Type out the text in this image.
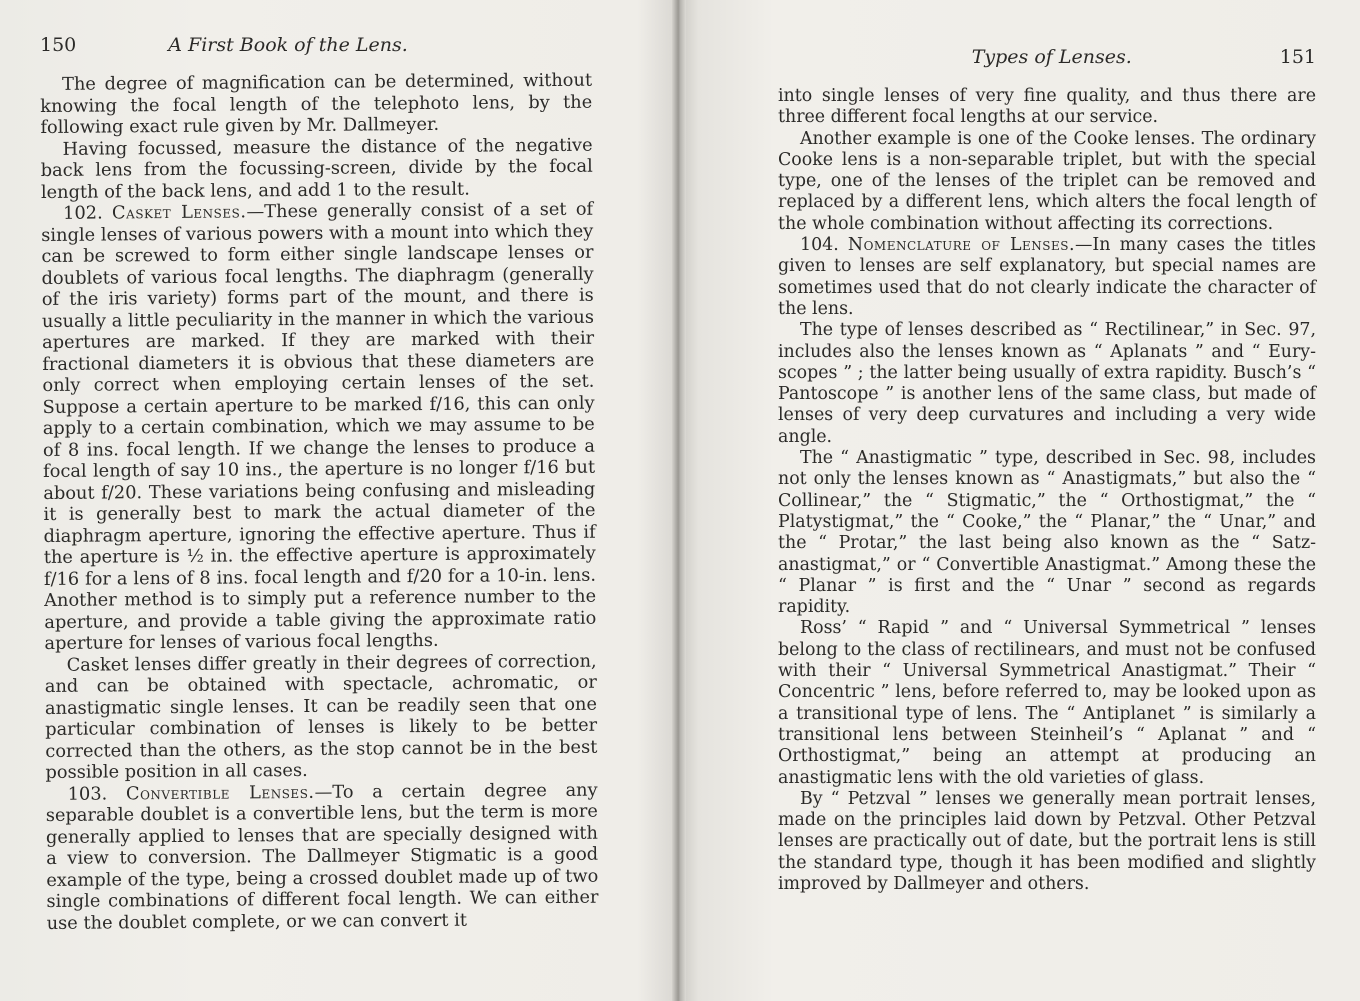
150	A First Book of the Lens.

The degree of magnification can be determined, without knowing the focal length of the telephoto lens, by the following exact rule given by Mr. Dallmeyer.

Having focussed, measure the distance of the negative back lens from the focussing-screen, divide by the focal length of the back lens, and add 1 to the result.

102. Casket Lenses.—These generally consist of a set of single lenses of various powers with a mount into which they can be screwed to form either single landscape lenses or doublets of various focal lengths. The diaphragm (generally of the iris variety) forms part of the mount, and there is usually a little peculiarity in the manner in which the various apertures are marked. If they are marked with their fractional diameters it is obvious that these diameters are only correct when employing certain lenses of the set. Suppose a certain aperture to be marked f/16, this can only apply to a certain combination, which we may assume to be of 8 ins. focal length. If we change the lenses to produce a focal length of say 10 ins., the aperture is no longer f/16 but about f/20. These variations being confusing and misleading it is generally best to mark the actual diameter of the diaphragm aperture, ignoring the effective aperture. Thus if the aperture is ½ in. the effective aperture is approximately f/16 for a lens of 8 ins. focal length and f/20 for a 10-in. lens. Another method is to simply put a reference number to the aperture, and provide a table giving the approximate ratio aperture for lenses of various focal lengths.

Casket lenses differ greatly in their degrees of correction, and can be obtained with spectacle, achromatic, or anastigmatic single lenses. It can be readily seen that one particular combination of lenses is likely to be better corrected than the others, as the stop cannot be in the best possible position in all cases.

103. Convertible Lenses.—To a certain degree any separable doublet is a convertible lens, but the term is more generally applied to lenses that are specially designed with a view to conversion. The Dallmeyer Stigmatic is a good example of the type, being a crossed doublet made up of two single combinations of different focal length. We can either use the doublet complete, or we can convert it

Types of Lenses.	151

into single lenses of very fine quality, and thus there are three different focal lengths at our service.

Another example is one of the Cooke lenses. The ordinary Cooke lens is a non-separable triplet, but with the special type, one of the lenses of the triplet can be removed and replaced by a different lens, which alters the focal length of the whole combination without affecting its corrections.

104. Nomenclature of Lenses.—In many cases the titles given to lenses are self explanatory, but special names are sometimes used that do not clearly indicate the character of the lens.

The type of lenses described as “ Rectilinear,” in Sec. 97, includes also the lenses known as “ Aplanats ” and “ Eury-scopes ” ; the latter being usually of extra rapidity. Busch’s “ Pantoscope ” is another lens of the same class, but made of lenses of very deep curvatures and including a very wide angle.

The “ Anastigmatic ” type, described in Sec. 98, includes not only the lenses known as “ Anastigmats,” but also the “ Collinear,” the “ Stigmatic,” the “ Orthostigmat,” the “ Platystigmat,” the “ Cooke,” the “ Planar,” the “ Unar,” and the “ Protar,” the last being also known as the “ Satz-anastigmat,” or “ Convertible Anastigmat.” Among these the “ Planar ” is first and the “ Unar ” second as regards rapidity.

Ross’ “ Rapid ” and “ Universal Symmetrical ” lenses belong to the class of rectilinears, and must not be confused with their “ Universal Symmetrical Anastigmat.” Their “ Concentric ” lens, before referred to, may be looked upon as a transitional type of lens. The “ Antiplanet ” is similarly a transitional lens between Steinheil’s “ Aplanat ” and “ Orthostigmat,” being an attempt at producing an anastigmatic lens with the old varieties of glass.

By “ Petzval ” lenses we generally mean portrait lenses, made on the principles laid down by Petzval. Other Petzval lenses are practically out of date, but the portrait lens is still the standard type, though it has been modified and slightly improved by Dallmeyer and others.
